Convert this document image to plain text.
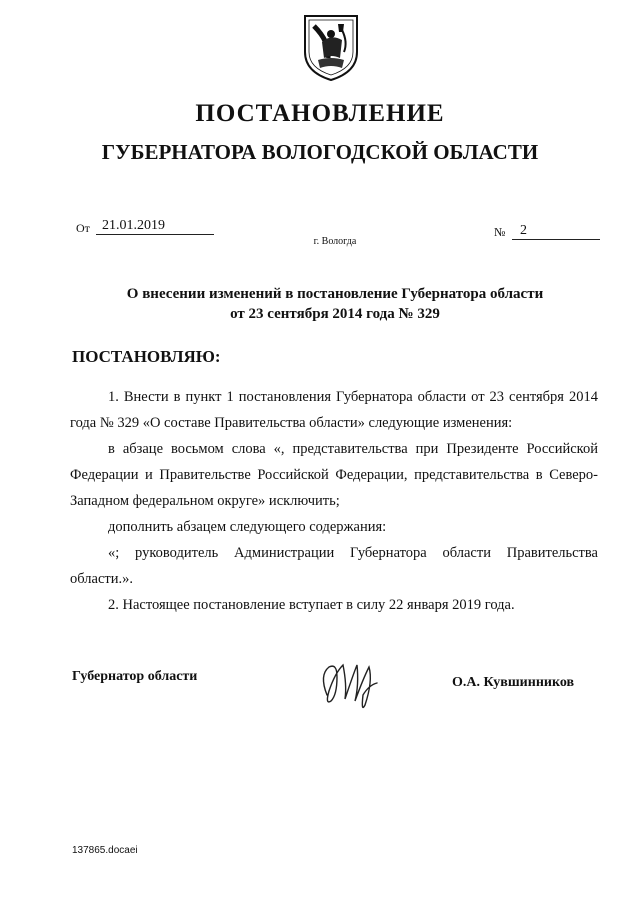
ПОСТАНОВЛЕНИЕ
ГУБЕРНАТОРА ВОЛОГОДСКОЙ ОБЛАСТИ
От 21.01.2019	№	2
г. Вологда
О внесении изменений в постановление Губернатора области
от 23 сентября 2014 года № 329
ПОСТАНОВЛЯЮ:

1. Внести в пункт 1 постановления Губернатора области от 23 сентября 2014 года № 329 «О составе Правительства области» следующие изменения:

в абзаце восьмом слова «, представительства при Президенте Российской Федерации и Правительстве Российской Федерации, представительства в Северо-Западном федеральном округе» исключить;

дополнить абзацем следующего содержания:

«; руководитель Администрации Губернатора области Правительства области.».

2. Настоящее постановление вступает в силу 22 января 2019 года.

Губернатор области	О.А. Кувшинников
137865.docaei
